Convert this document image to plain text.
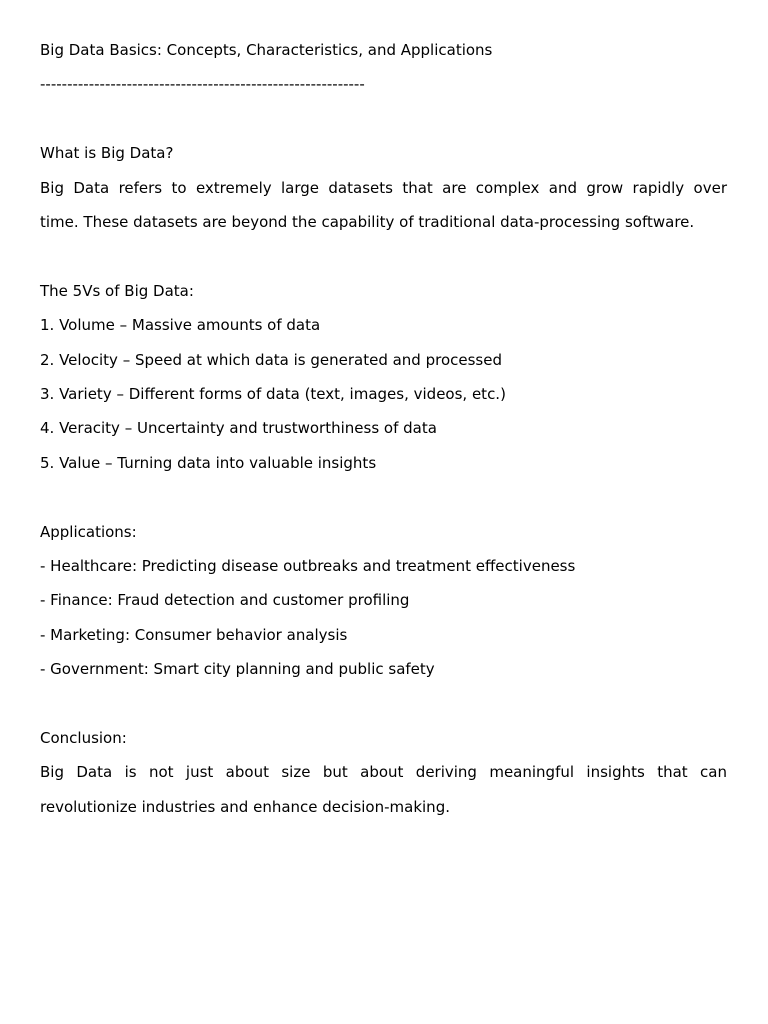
Big Data Basics: Concepts, Characteristics, and Applications
------------------------------------------------------------
What is Big Data?
Big Data refers to extremely large datasets that are complex and grow rapidly over
time. These datasets are beyond the capability of traditional data-processing software.
The 5Vs of Big Data:
1. Volume – Massive amounts of data
2. Velocity – Speed at which data is generated and processed
3. Variety – Different forms of data (text, images, videos, etc.)
4. Veracity – Uncertainty and trustworthiness of data
5. Value – Turning data into valuable insights
Applications:
- Healthcare: Predicting disease outbreaks and treatment effectiveness
- Finance: Fraud detection and customer profiling
- Marketing: Consumer behavior analysis
- Government: Smart city planning and public safety
Conclusion:
Big Data is not just about size but about deriving meaningful insights that can
revolutionize industries and enhance decision-making.
